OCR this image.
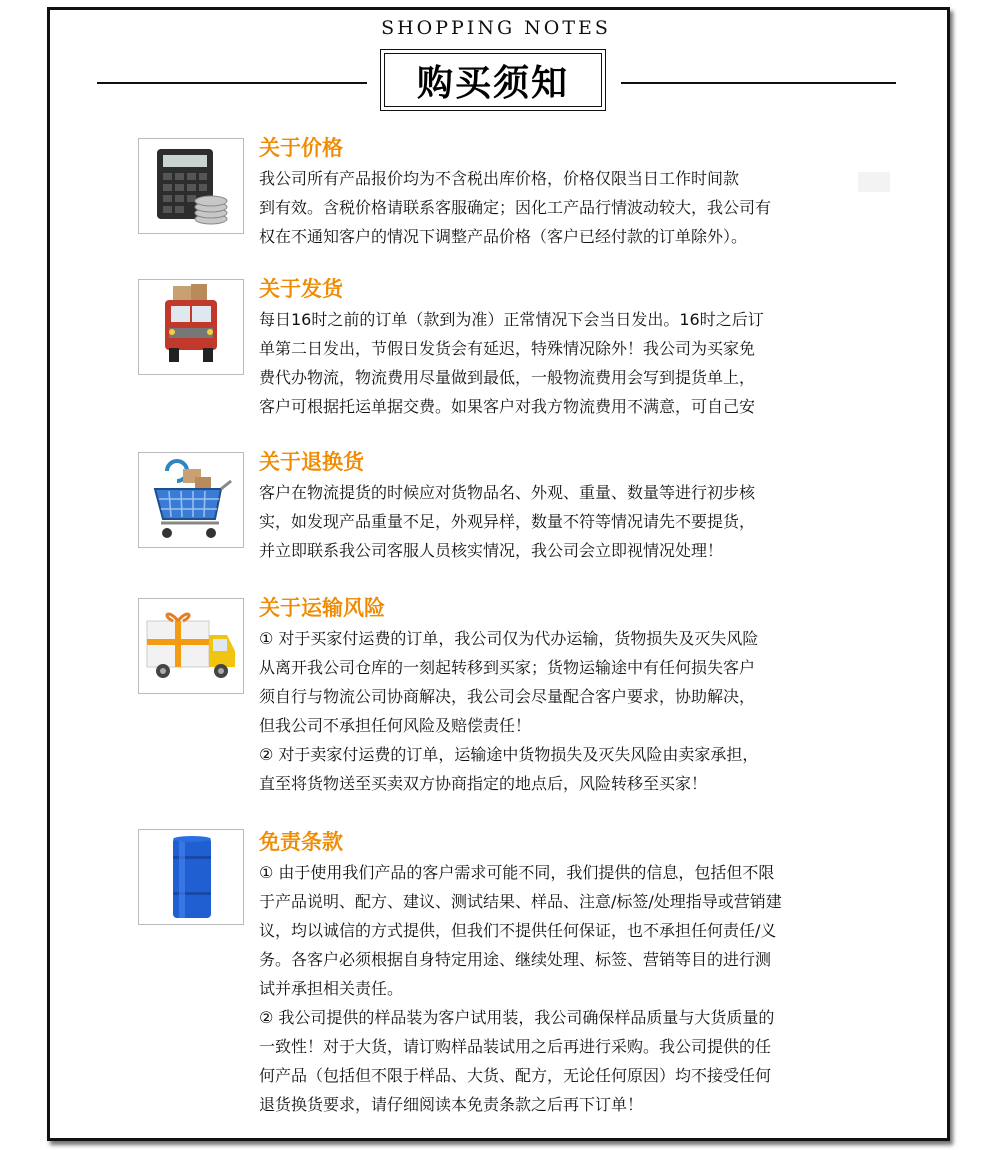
SHOPPING NOTES
购买须知
关于价格

我公司所有产品报价均为不含税出库价格，价格仅限当日工作时间款

到有效。含税价格请联系客服确定；因化工产品行情波动较大，我公司有

权在不通知客户的情况下调整产品价格（客户已经付款的订单除外）。

关于发货

每日16时之前的订单（款到为准）正常情况下会当日发出。16时之后订

单第二日发出，节假日发货会有延迟，特殊情况除外！我公司为买家免

费代办物流，物流费用尽量做到最低，一般物流费用会写到提货单上，

客户可根据托运单据交费。如果客户对我方物流费用不满意，可自己安

关于退换货

客户在物流提货的时候应对货物品名、外观、重量、数量等进行初步核

实，如发现产品重量不足，外观异样，数量不符等情况请先不要提货，

并立即联系我公司客服人员核实情况，我公司会立即视情况处理！

关于运输风险

① 对于买家付运费的订单，我公司仅为代办运输，货物损失及灭失风险

从离开我公司仓库的一刻起转移到买家；货物运输途中有任何损失客户

须自行与物流公司协商解决，我公司会尽量配合客户要求，协助解决，

但我公司不承担任何风险及赔偿责任！

② 对于卖家付运费的订单，运输途中货物损失及灭失风险由卖家承担，

直至将货物送至买卖双方协商指定的地点后，风险转移至买家！

免责条款

① 由于使用我们产品的客户需求可能不同，我们提供的信息，包括但不限

于产品说明、配方、建议、测试结果、样品、注意/标签/处理指导或营销建

议，均以诚信的方式提供，但我们不提供任何保证，也不承担任何责任/义

务。各客户必须根据自身特定用途、继续处理、标签、营销等目的进行测

试并承担相关责任。

② 我公司提供的样品装为客户试用装，我公司确保样品质量与大货质量的

一致性！对于大货，请订购样品装试用之后再进行采购。我公司提供的任

何产品（包括但不限于样品、大货、配方，无论任何原因）均不接受任何

退货换货要求，请仔细阅读本免责条款之后再下订单！
